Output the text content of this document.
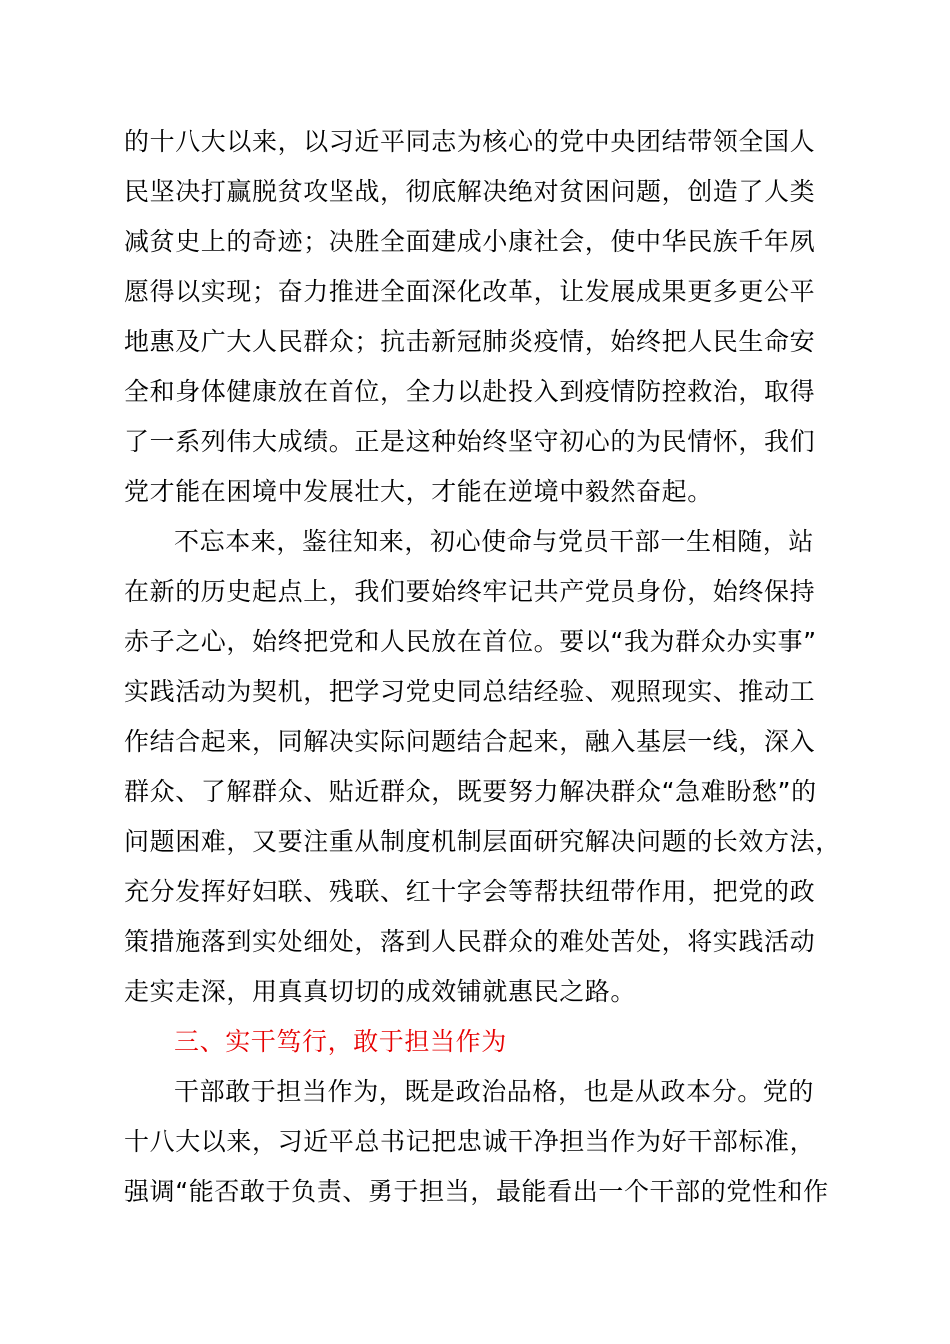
的十八大以来，以习近平同志为核心的党中央团结带领全国人
民坚决打赢脱贫攻坚战，彻底解决绝对贫困问题，创造了人类
减贫史上的奇迹；决胜全面建成小康社会，使中华民族千年夙
愿得以实现；奋力推进全面深化改革，让发展成果更多更公平
地惠及广大人民群众；抗击新冠肺炎疫情，始终把人民生命安
全和身体健康放在首位，全力以赴投入到疫情防控救治，取得
了一系列伟大成绩。正是这种始终坚守初心的为民情怀，我们
党才能在困境中发展壮大，才能在逆境中毅然奋起。
不忘本来，鉴往知来，初心使命与党员干部一生相随，站
在新的历史起点上，我们要始终牢记共产党员身份，始终保持
赤子之心，始终把党和人民放在首位。要以“我为群众办实事”
实践活动为契机，把学习党史同总结经验、观照现实、推动工
作结合起来，同解决实际问题结合起来，融入基层一线，深入
群众、了解群众、贴近群众，既要努力解决群众“急难盼愁”的
问题困难，又要注重从制度机制层面研究解决问题的长效方法，
充分发挥好妇联、残联、红十字会等帮扶纽带作用，把党的政
策措施落到实处细处，落到人民群众的难处苦处，将实践活动
走实走深，用真真切切的成效铺就惠民之路。
三、实干笃行，敢于担当作为
干部敢于担当作为，既是政治品格，也是从政本分。党的
十八大以来，习近平总书记把忠诚干净担当作为好干部标准，
强调“能否敢于负责、勇于担当，最能看出一个干部的党性和作
